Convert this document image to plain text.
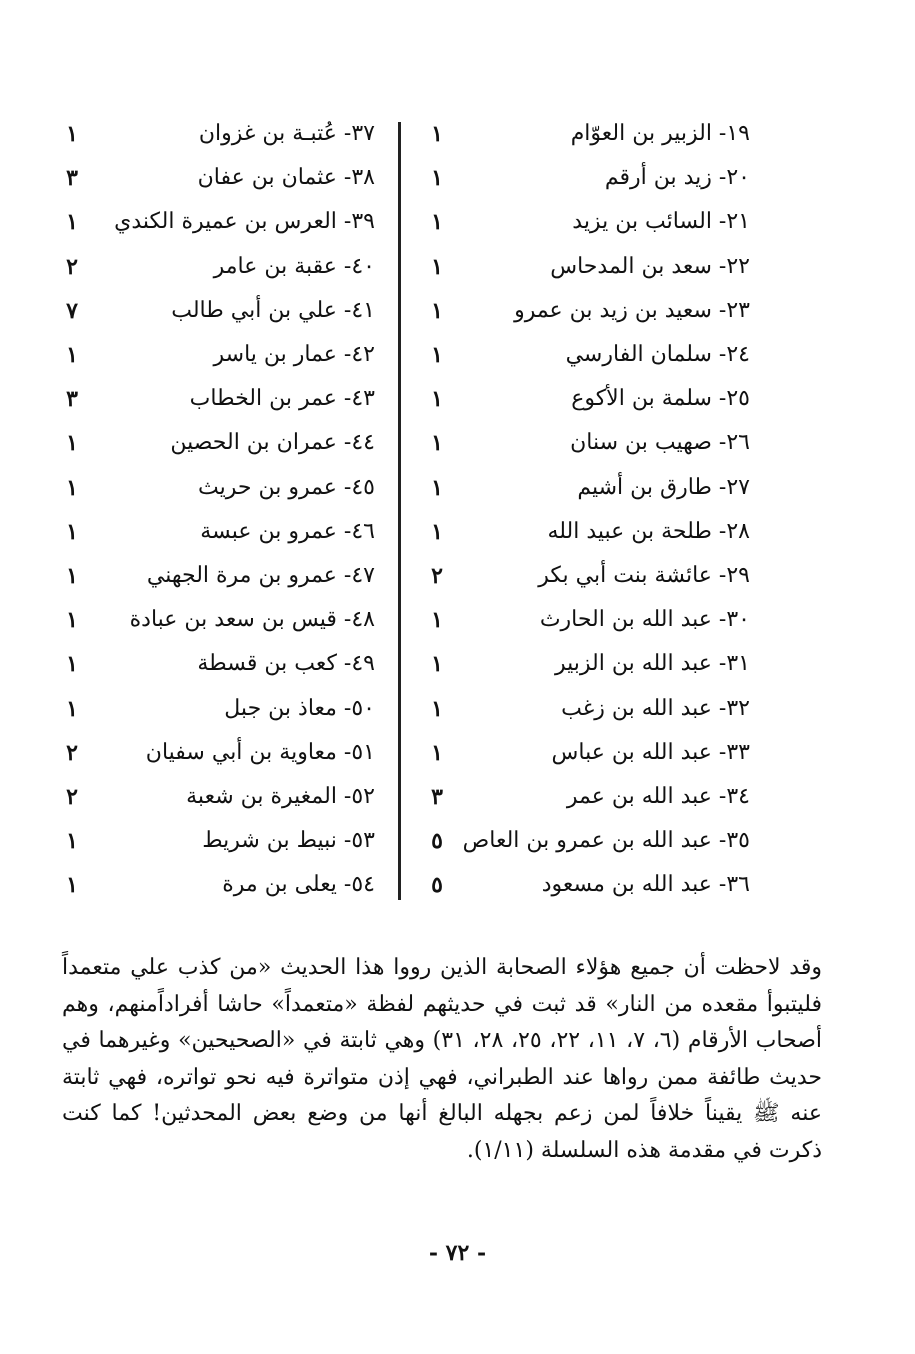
١٩- الزبير بن العوّام
١
٢٠- زيد بن أرقم
١
٢١- السائب بن يزيد
١
٢٢- سعد بن المدحاس
١
٢٣- سعيد بن زيد بن عمرو
١
٢٤- سلمان الفارسي
١
٢٥- سلمة بن الأكوع
١
٢٦- صهيب بن سنان
١
٢٧- طارق بن أشيم
١
٢٨- طلحة بن عبيد الله
١
٢٩- عائشة بنت أبي بكر
٢
٣٠- عبد الله بن الحارث
١
٣١- عبد الله بن الزبير
١
٣٢- عبد الله بن زغب
١
٣٣- عبد الله بن عباس
١
٣٤- عبد الله بن عمر
٣
٣٥- عبد الله بن عمرو بن العاص
٥
٣٦- عبد الله بن مسعود
٥
٣٧- عُتبـة بن غزوان
١
٣٨- عثمان بن عفان
٣
٣٩- العرس بن عميرة الكندي
١
٤٠- عقبة بن عامر
٢
٤١- علي بن أبي طالب
٧
٤٢- عمار بن ياسر
١
٤٣- عمر بن الخطاب
٣
٤٤- عمران بن الحصين
١
٤٥- عمرو بن حريث
١
٤٦- عمرو بن عبسة
١
٤٧- عمرو بن مرة الجهني
١
٤٨- قيس بن سعد بن عبادة
١
٤٩- كعب بن قسطة
١
٥٠- معاذ بن جبل
١
٥١- معاوية بن أبي سفيان
٢
٥٢- المغيرة بن شعبة
٢
٥٣- نبيط بن شريط
١
٥٤- يعلى بن مرة
١

وقد لاحظت أن جميع هؤلاء الصحابة الذين رووا هذا الحديث «من كذب علي متعمداً فليتبوأ مقعده من النار» قد ثبت في حديثهم لفظة «متعمداً» حاشا أفراداًمنهم، وهم أصحاب الأرقام (٦، ٧، ١١، ٢٢، ٢٥، ٢٨، ٣١) وهي ثابتة في «الصحيحين» وغيرهما في حديث طائفة ممن رواها عند الطبراني، فهي إذن متواترة فيه نحو تواتره، فهي ثابتة عنه ﷺ يقيناً خلافاً لمن زعم بجهله البالغ أنها من وضع بعض المحدثين! كما كنت ذكرت في مقدمة هذه السلسلة (١/١١).

- ٧٢ -
